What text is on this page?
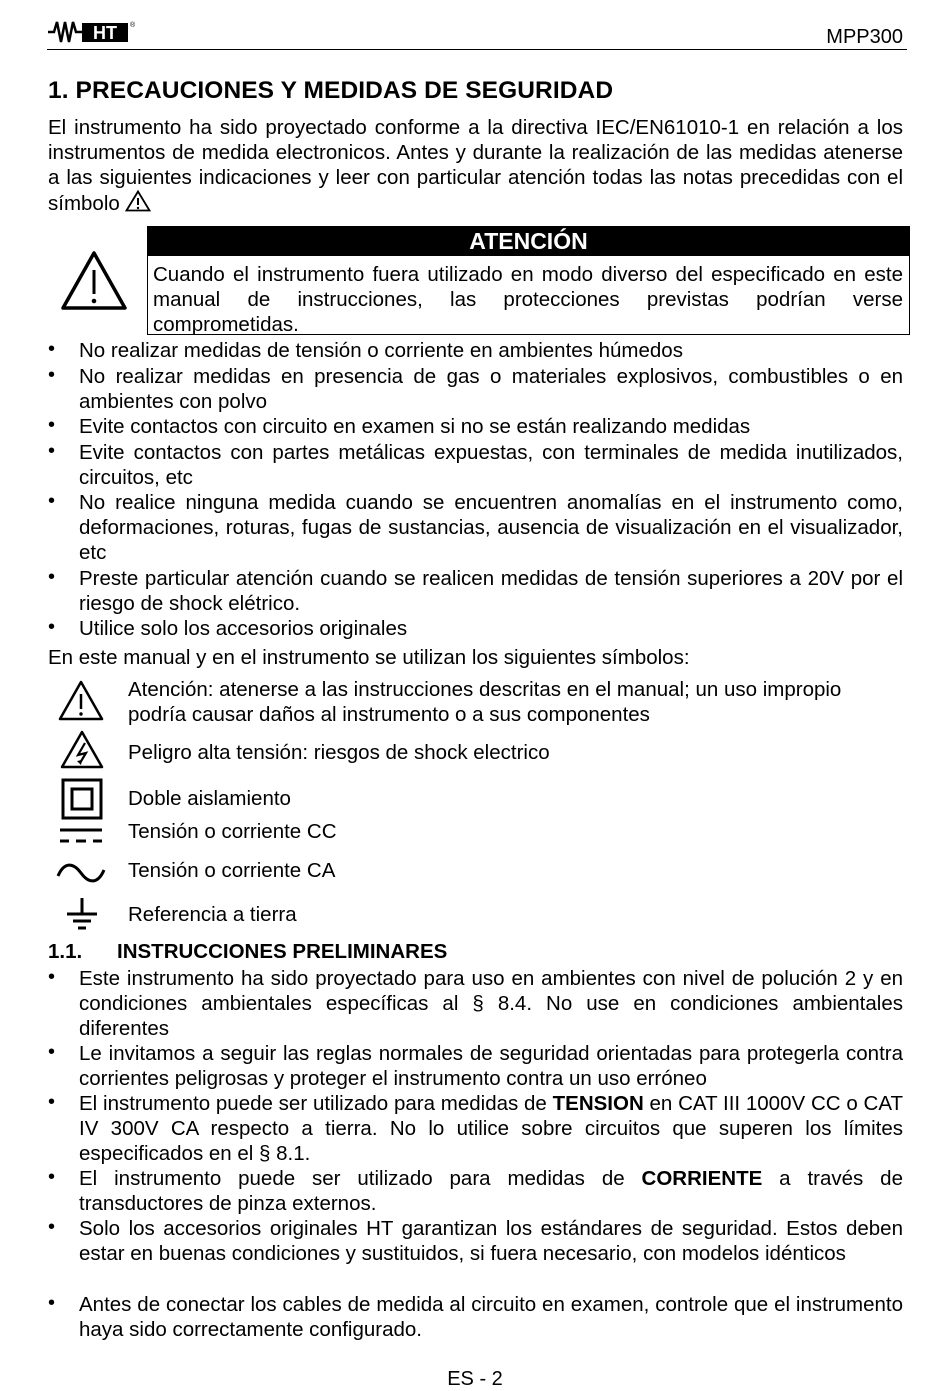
HT ®
MPP300
1. PRECAUCIONES Y MEDIDAS DE SEGURIDAD
El instrumento ha sido proyectado conforme a la directiva IEC/EN61010-1 en relación a los instrumentos de medida electronicos. Antes y durante la realización de las medidas atenerse a las siguientes indicaciones y leer con particular atención todas las notas precedidas con el símbolo
ATENCIÓN
Cuando el instrumento fuera utilizado en modo diverso del especificado en este manual de instrucciones, las protecciones previstas podrían verse comprometidas.
•	No realizar medidas de tensión o corriente en ambientes húmedos
•	No realizar medidas en presencia de gas o materiales explosivos, combustibles o en ambientes con polvo
•	Evite contactos con circuito en examen si no se están realizando medidas
•	Evite contactos con partes metálicas expuestas, con terminales de medida inutilizados, circuitos, etc
•	No realice ninguna medida cuando se encuentren anomalías en el instrumento como, deformaciones, roturas, fugas de sustancias, ausencia de visualización en el visualizador, etc
•	Preste particular atención cuando se realicen medidas de tensión superiores a 20V por el riesgo de shock elétrico.
•	Utilice solo los accesorios originales
En este manual y en el instrumento se utilizan los siguientes símbolos:
Atención: atenerse a las instrucciones descritas en el manual; un uso impropio podría causar daños al instrumento o a sus componentes
Peligro alta tensión: riesgos de shock electrico
Doble aislamiento
Tensión o corriente CC
Tensión o corriente CA
Referencia a tierra
1.1. INSTRUCCIONES PRELIMINARES
•	Este instrumento ha sido proyectado para uso en ambientes con nivel de polución 2 y en condiciones ambientales específicas al § 8.4. No use en condiciones ambientales diferentes
•	Le invitamos a seguir las reglas normales de seguridad orientadas para protegerla contra corrientes peligrosas y proteger el instrumento contra un uso erróneo
•	El instrumento puede ser utilizado para medidas de TENSION en CAT III 1000V CC o CAT IV 300V CA respecto a tierra. No lo utilice sobre circuitos que superen los límites especificados en el § 8.1.
•	El instrumento puede ser utilizado para medidas de CORRIENTE a través de transductores de pinza externos.
•	Solo los accesorios originales HT garantizan los estándares de seguridad. Estos deben estar en buenas condiciones y sustituidos, si fuera necesario, con modelos idénticos
•	Antes de conectar los cables de medida al circuito en examen, controle que el instrumento haya sido correctamente configurado.
ES - 2
